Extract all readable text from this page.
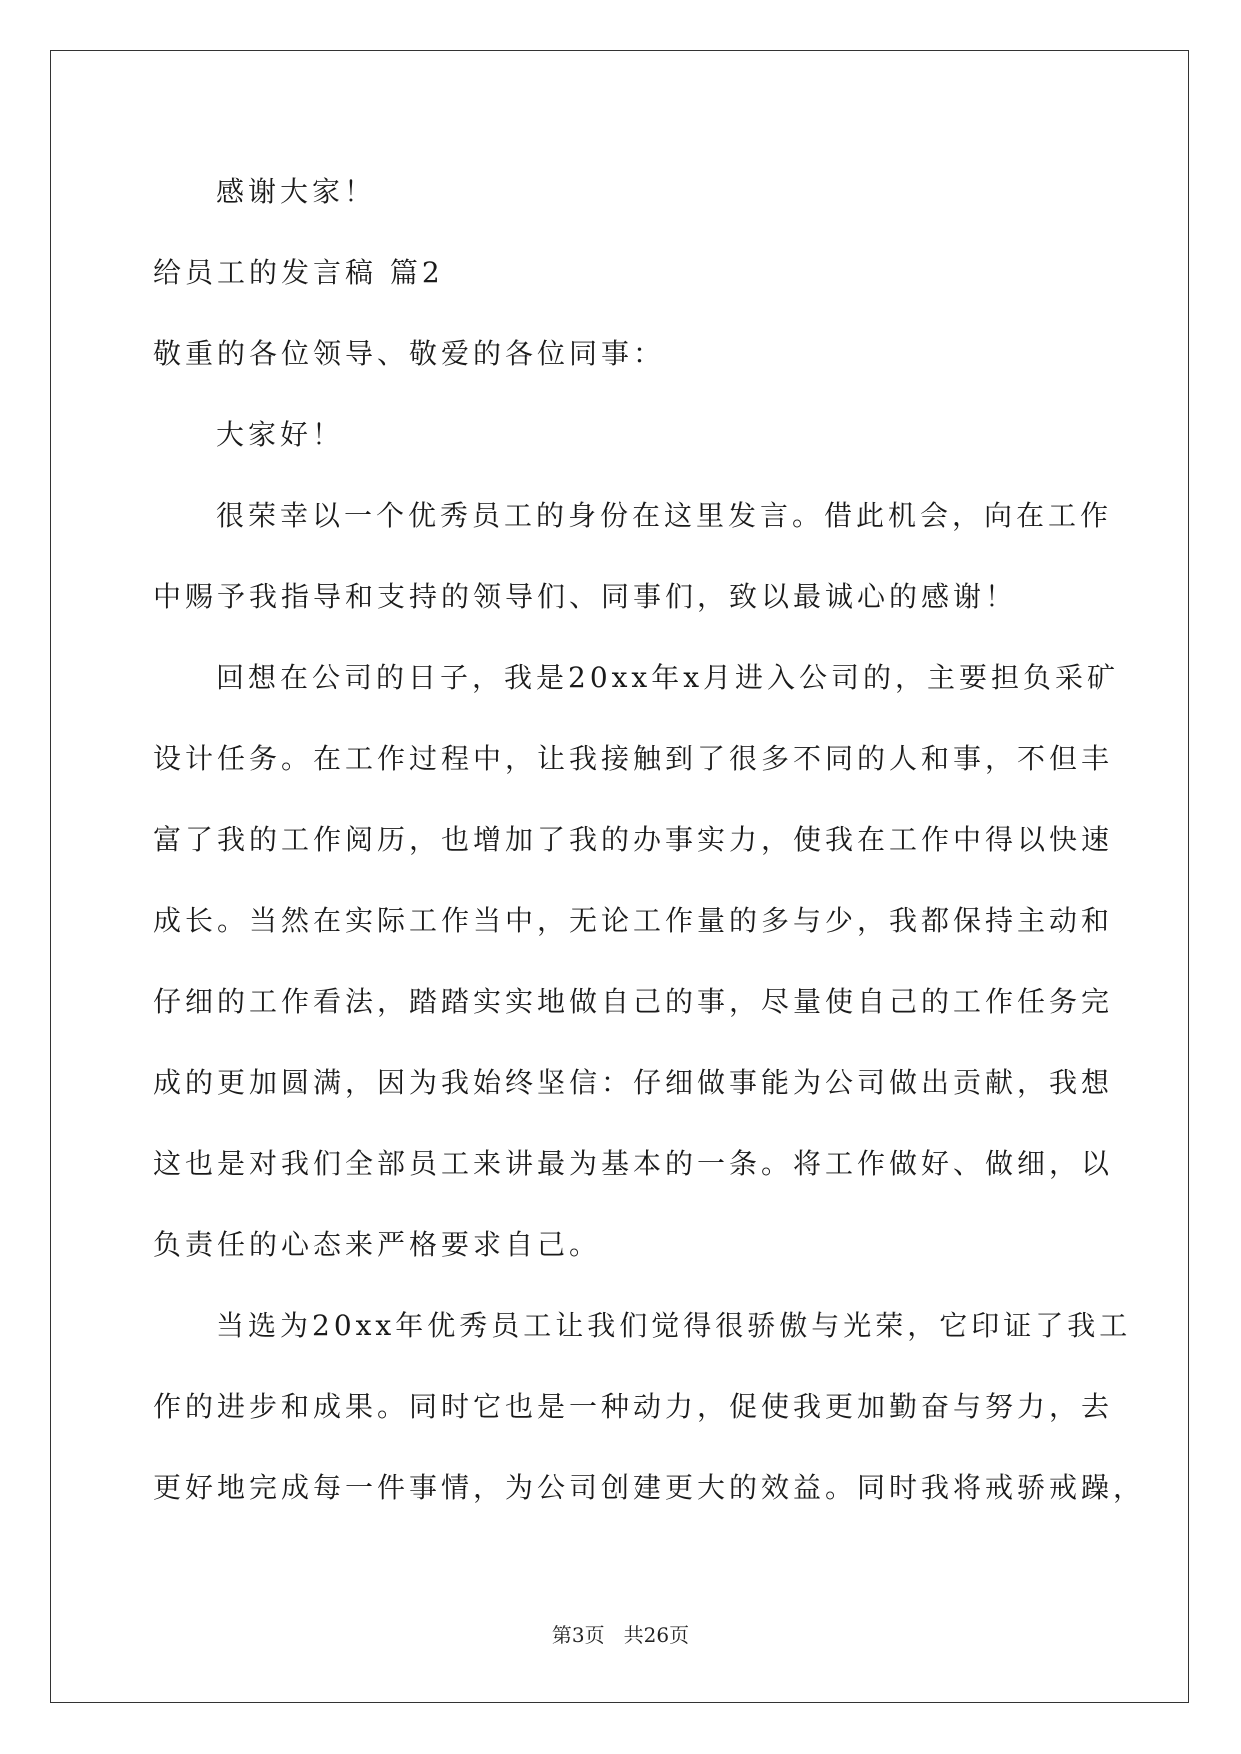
感谢大家！
给员工的发言稿 篇2
敬重的各位领导、敬爱的各位同事：
大家好！
很荣幸以一个优秀员工的身份在这里发言。借此机会，向在工作
中赐予我指导和支持的领导们、同事们，致以最诚心的感谢！
回想在公司的日子，我是20xx年x月进入公司的，主要担负采矿
设计任务。在工作过程中，让我接触到了很多不同的人和事，不但丰
富了我的工作阅历，也增加了我的办事实力，使我在工作中得以快速
成长。当然在实际工作当中，无论工作量的多与少，我都保持主动和
仔细的工作看法，踏踏实实地做自己的事，尽量使自己的工作任务完
成的更加圆满，因为我始终坚信：仔细做事能为公司做出贡献，我想
这也是对我们全部员工来讲最为基本的一条。将工作做好、做细，以
负责任的心态来严格要求自己。
当选为20xx年优秀员工让我们觉得很骄傲与光荣，它印证了我工
作的进步和成果。同时它也是一种动力，促使我更加勤奋与努力，去
更好地完成每一件事情，为公司创建更大的效益。同时我将戒骄戒躁，
第3页   共26页
